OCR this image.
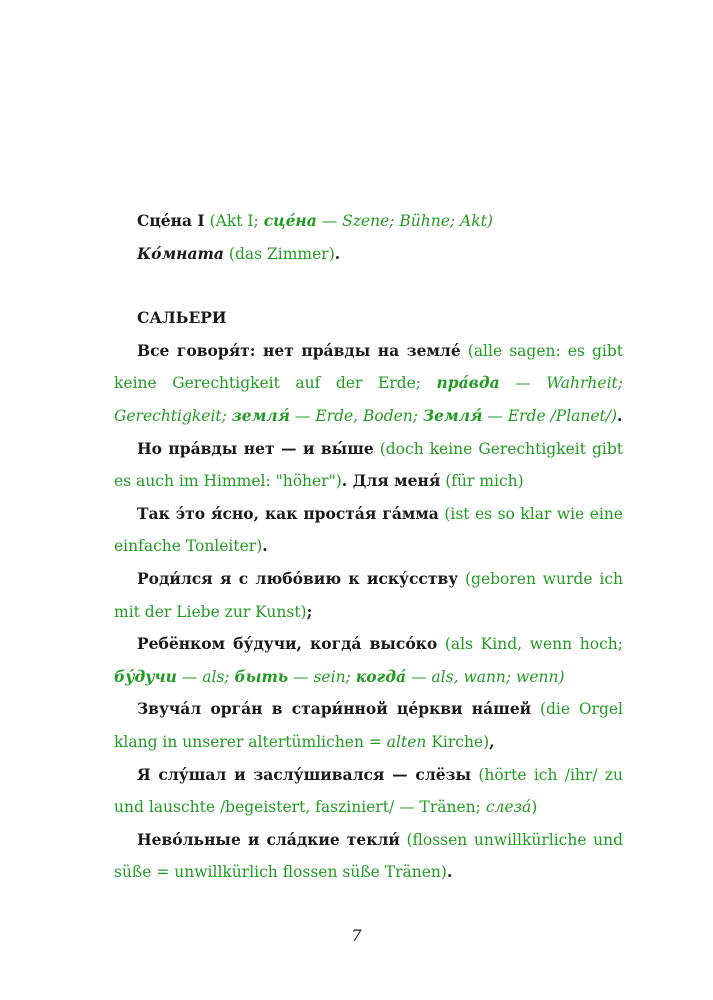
Сце́на I (Akt I; сце́на — Szene; Bühne; Akt)

Ко́мната (das Zimmer).

САЛЬЕРИ

Все говоря́т: нет пра́вды на земле́ (alle sagen: es gibt keine Gerechtigkeit auf der Erde; пра́вда — Wahrheit; Gerechtigkeit; земля́ — Erde, Boden; Земля́ — Erde /Planet/).

Но пра́вды нет — и вы́ше (doch keine Gerechtigkeit gibt es auch im Himmel: "höher"). Для меня́ (für mich)

Так э́то я́сно, как проста́я га́мма (ist es so klar wie eine einfache Tonleiter).

Роди́лся я с любо́вию к иску́сству (geboren wurde ich mit der Liebe zur Kunst);

Ребёнком бу́дучи, когда́ высо́ко (als Kind, wenn hoch; бу́дучи — als; быть — sein; когда́ — als, wann; wenn)

Звуча́л орга́н в стари́нной це́ркви на́шей (die Orgel klang in unserer altertümlichen = alten Kirche),

Я слу́шал и заслу́шивался — слёзы (hörte ich /ihr/ zu und lauschte /begeistert, fasziniert/ — Tränen; слеза́)

Нево́льные и сла́дкие текли́ (flossen unwillkürliche und süße = unwillkürlich flossen süße Tränen).

7
